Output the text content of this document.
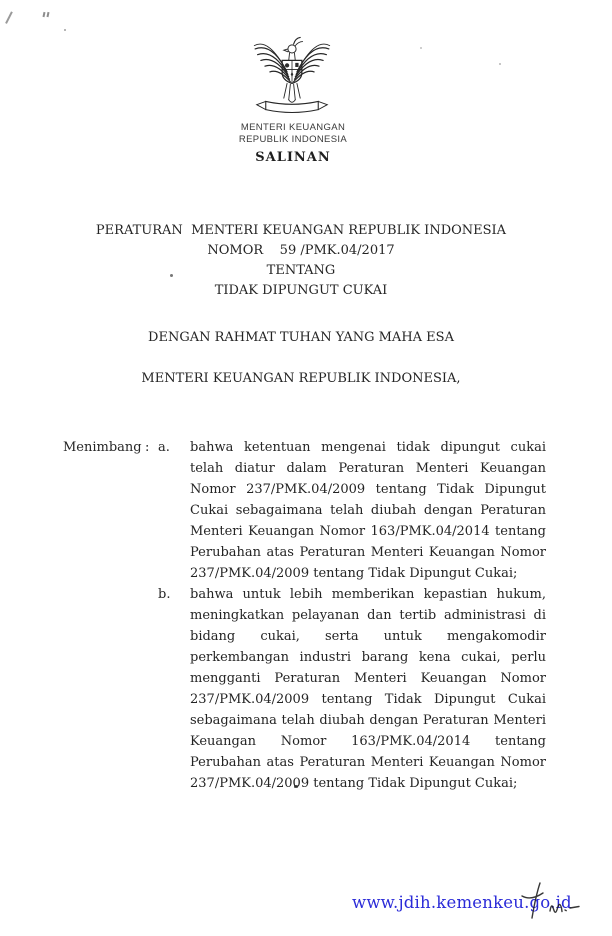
MENTERI KEUANGAN
REPUBLIK INDONESIA
SALINAN
PERATURAN  MENTERI KEUANGAN REPUBLIK INDONESIA
NOMOR    59 /PMK.04/2017
TENTANG
TIDAK DIPUNGUT CUKAI
DENGAN RAHMAT TUHAN YANG MAHA ESA
MENTERI KEUANGAN REPUBLIK INDONESIA,
Menimbang : a.	bahwa ketentuan mengenai tidak dipungut cukai telah diatur dalam Peraturan Menteri Keuangan Nomor 237/PMK.04/2009 tentang Tidak Dipungut Cukai sebagaimana telah diubah dengan Peraturan Menteri Keuangan Nomor 163/PMK.04/2014 tentang Perubahan atas Peraturan Menteri Keuangan Nomor 237/PMK.04/2009 tentang Tidak Dipungut Cukai;
b.	bahwa untuk lebih memberikan kepastian hukum, meningkatkan pelayanan dan tertib administrasi di bidang cukai, serta untuk mengakomodir perkembangan industri barang kena cukai, perlu mengganti Peraturan Menteri Keuangan Nomor 237/PMK.04/2009 tentang Tidak Dipungut Cukai sebagaimana telah diubah dengan Peraturan Menteri Keuangan Nomor 163/PMK.04/2014 tentang Perubahan atas Peraturan Menteri Keuangan Nomor 237/PMK.04/2009 tentang Tidak Dipungut Cukai;
www.jdih.kemenkeu.go.id
